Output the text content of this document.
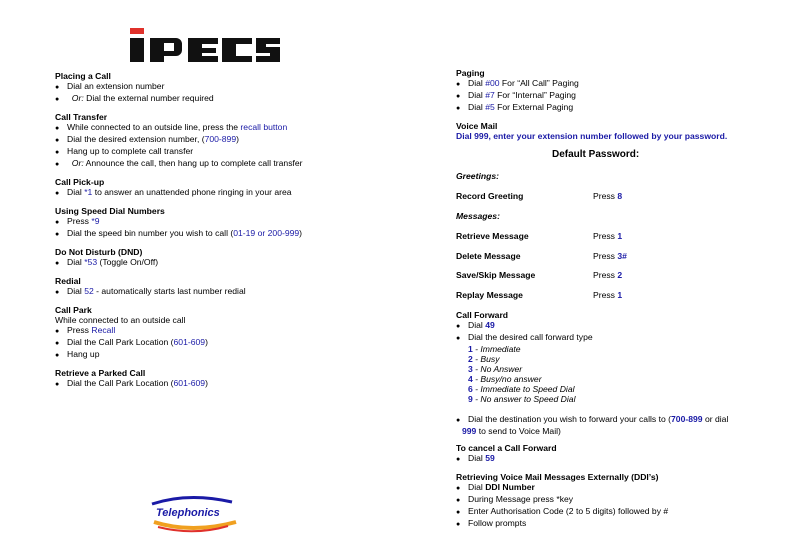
Placing a Call
● Dial an extension number
● Or: Dial the external number required
Call Transfer
● While connected to an outside line, press the recall button
● Dial the desired extension number, (700-899)
● Hang up to complete call transfer
● Or: Announce the call, then hang up to complete call transfer
Call Pick-up
● Dial *1 to answer an unattended phone ringing in your area
Using Speed Dial Numbers
● Press *9
● Dial the speed bin number you wish to call (01-19 or 200-999)
Do Not Disturb (DND)
● Dial *53 (Toggle On/Off)
Redial
● Dial 52 - automatically starts last number redial
Call Park
While connected to an outside call
● Press Recall
● Dial the Call Park Location (601-609)
● Hang up
Retrieve a Parked Call
● Dial the Call Park Location (601-609)
Telephonics
Paging
● Dial #00 For “All Call” Paging
● Dial #7 For “Internal” Paging
● Dial #5 For External Paging
Voice Mail
Dial 999, enter your extension number followed by your password.
Default Password:
Greetings:
Record Greeting	Press 8
Messages:
Retrieve Message	Press 1
Delete Message	Press 3#
Save/Skip Message	Press 2
Replay Message	Press 1
Call Forward
● Dial 49
● Dial the desired call forward type
1 - Immediate
2 - Busy
3 - No Answer
4 - Busy/no answer
6 - Immediate to Speed Dial
9 - No answer to Speed Dial
● Dial the destination you wish to forward your calls to (700-899 or dial
999 to send to Voice Mail)
To cancel a Call Forward
● Dial 59
Retrieving Voice Mail Messages Externally (DDI’s)
● Dial DDI Number
● During Message press *key
● Enter Authorisation Code (2 to 5 digits) followed by #
● Follow prompts
